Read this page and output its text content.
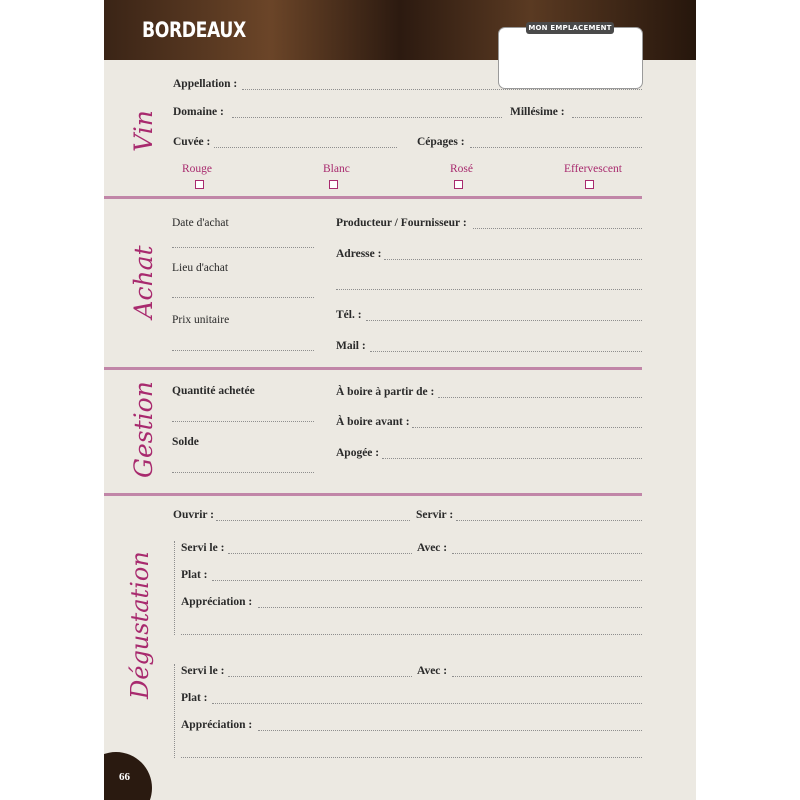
BORDEAUX	MON EMPLACEMENT
Vin
Appellation :
Domaine :	Millésime :
Cuvée :	Cépages :
Rouge	Blanc	Rosé	Effervescent
Achat
Date d'achat
Lieu d'achat
Prix unitaire
Producteur / Fournisseur :
Adresse :
Tél. :
Mail :
Gestion Quantité achetée
Solde
À boire à partir de :
À boire avant :
Apogée :
Dégustation
Ouvrir :	Servir :
Servi le :	Avec :
Plat :
Appréciation :
Servi le :	Avec :
Plat :
Appréciation :
66
